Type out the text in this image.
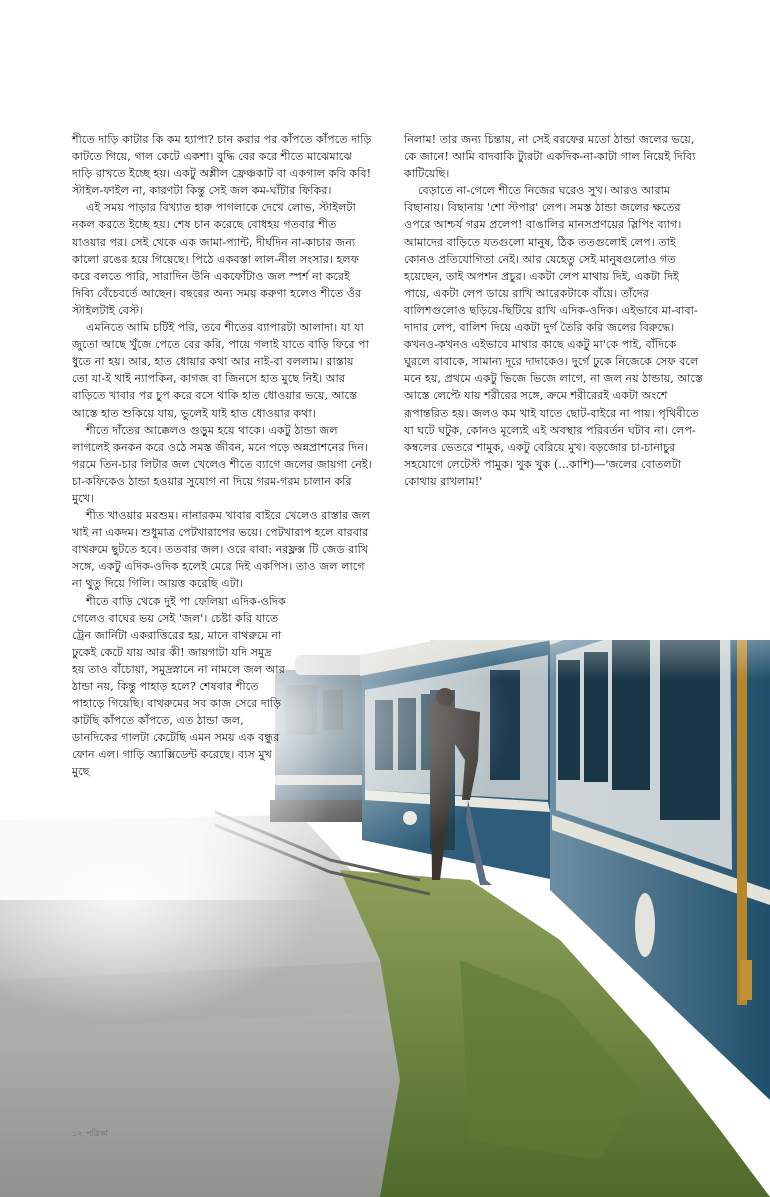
শীতে দাড়ি কাটার কি কম হ্যাপা? চান করার পর কাঁপতে কাঁপতে দাড়ি কাটতে গিয়ে, গাল কেটে একশা। বুদ্ধি বের করে শীতে মাঝেমাঝে দাড়ি রাখতে ইচ্ছে হয়। একটু অশ্লীল ফ্রেঞ্চকাট বা একগাল কবি কবি! স্টাইল-ফাইল না, কারণটা কিন্তু সেই জল কম-ঘাঁটার ফিকির।

এই সময় পাড়ার বিখ্যাত হারু পাগলাকে দেখে লোভ, স্টাইলটা নকল করতে ইচ্ছে হয়। শেষ চান করেছে বোধহয় গতবার শীত যাওয়ার পর। সেই থেকে এক জামা-প্যান্ট, দীর্ঘদিন না-কাচার জন্য কালো রঙের হয়ে গিয়েছে। পিঠে একবস্তা লাল-নীল সংসার। হলফ করে বলতে পারি, সারাদিন উনি একফোঁটাও জল স্পর্শ না করেই দিব্যি বেঁচেবর্তে আছেন। বছরের অন্য সময় করুণা হলেও শীতে ওঁর স্টাইলটাই বেস্ট।

এমনিতে আমি চটিই পরি, তবে শীতের ব্যাপারটা আলাদা। যা যা জুতো আছে খুঁজে পেতে বের করি, পায়ে গলাই যাতে বাড়ি ফিরে পা ধুতে না হয়। আর, হাত ধোয়ার কথা আর নাই-বা বললাম। রাস্তায় তো যা-ই খাই ন্যাপকিন, কাগজ বা জিনসে হাত মুছে নিই। আর বাড়িতে খাবার পর চুপ করে বসে থাকি হাত ধোওয়ার ভয়ে, আস্তে আস্তে হাত শুকিয়ে যায়, ভুলেই যাই হাত ধোওয়ার কথা।

শীতে দাঁতের আক্কেলও গুড়ুম হয়ে থাকে। একটু ঠান্ডা জল লাগলেই কনকন করে ওঠে সমস্ত জীবন, মনে পড়ে অন্নপ্রাশনের দিন। গরমে তিন-চার লিটার জল খেলেও শীতে ব্যাগে জলের জায়গা নেই। চা-কফিকেও ঠান্ডা হওয়ার সুযোগ না দিয়ে গরম-গরম চালান করি মুখে।

শীত খাওয়ার মরশুম। নানারকম খাবার বাইরে খেলেও রাস্তার জল খাই না একদম। শুধুমাত্র পেটখারাপের ভয়ে। পেটখারাপ হলে বারবার বাথরুমে ছুটতে হবে। ততবার জল। ওরে বাবা: নরফ্লক্স টি জেড রাখি সঙ্গে, একটু এদিক-ওদিক হলেই মেরে দিই একপিস। তাও জল লাগে না থুতু দিয়ে গিলি। আয়ত্ত করেছি এটা।

শীতে বাড়ি থেকে দুই পা ফেলিয়া এদিক-ওদিক গেলেও বাঘের ভয় সেই 'জল'। চেষ্টা করি যাতে ট্রেন জার্নিটা একরাত্তিরের হয়, মানে বাথরুমে না ঢুকেই কেটে যায় আর কী! জায়গাটা যদি সমুদ্র হয় তাও বাঁচোয়া, সমুদ্রস্নানে না নামলে জল আর ঠান্ডা নয়, কিন্তু পাহাড় হলে? শেষবার শীতে পাহাড়ে গিয়েছি। বাথরুমের সব কাজ সেরে দাড়ি কাটছি কাঁপতে কাঁপতে, এত ঠান্ডা জল, ডানদিকের গালটা কেটেছি এমন সময় এক বন্ধুর ফোন এল। গাড়ি অ্যাক্সিডেন্ট করেছে। ব্যস মুখ মুছে

নিলাম! তার জন্য চিন্তায়, না সেই বরফের মতো ঠান্ডা জলের ভয়ে, কে জানে! আমি বাদবাকি ট্যুরটা একদিক-না-কাটা গাল নিয়েই দিব্যি কাটিয়েছি।

বেড়াতে না-গেলে শীতে নিজের ঘরেও সুখ। আরও আরাম বিছানায়। বিছানায় 'শো স্টপার' লেপ। সমস্ত ঠান্ডা জলের ক্ষতের ওপরে আশ্চর্য গরম প্রলেপ! বাঙালির মানসপ্রণয়ের স্লিপিং ব্যাগ। আমাদের বাড়িতে যতগুলো মানুষ, ঠিক ততগুলোই লেপ। তাই কোনও প্রতিযোগিতা নেই। আর যেহেতু সেই মানুষগুলোও গত হয়েছেন, তাই অপশন প্রচুর। একটা লেপ মাথায় দিই, একটা দিই পায়ে, একটা লেপ ডায়ে রাখি আরেকটাকে বাঁয়ে। তাঁদের বালিশগুলোও ছড়িয়ে-ছিটিয়ে রাখি এদিক-ওদিক। এইভাবে মা-বাবা-দাদার লেপ, বালিশ দিয়ে একটা দুর্গ তৈরি করি জলের বিরুদ্ধে। কখনও-কখনও এইভাবে মাথার কাছে একটু মা'কে পাই, বাঁদিকে ঘুরলে বাবাকে, সামান্য দূরে দাদাকেও। দুর্গে ঢুকে নিজেকে সেফ বলে মনে হয়, প্রথমে একটু ভিজে ভিজে লাগে, না জল নয় ঠান্ডায়, আস্তে আস্তে লেপ্টে যায় শরীরের সঙ্গে, ক্রমে শরীরেরই একটা অংশে রূপান্তরিত হয়। জলও কম খাই যাতে ছোট-বাইরে না পায়। পৃথিবীতে যা ঘটে ঘটুক, কোনও মূল্যেই এই অবস্থার পরিবর্তন ঘটাব না। লেপ-কম্বলের ভেতরে শামুক, একটু বেরিয়ে মুখ। বড়জোর চা-চানাচুর সহযোগে লেটেস্ট পামুক। খুক খুক (...কাশি)—'জলের বোতলটা কোথায় রাখলাম!'

১২ পত্রিকা
